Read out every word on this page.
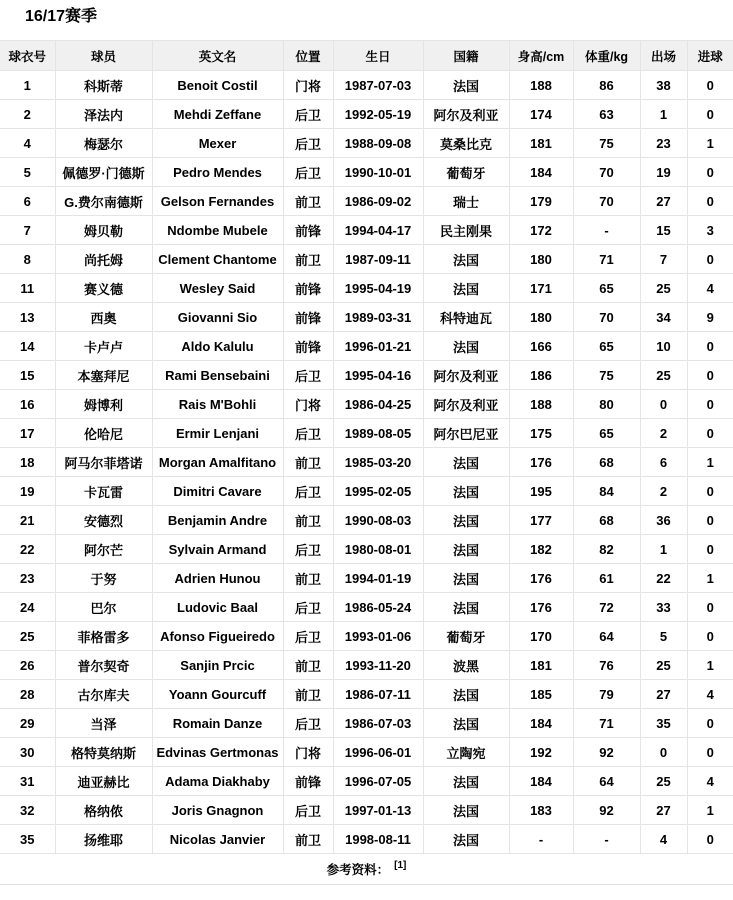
16/17赛季
球衣号	球员	英文名	位置	生日	国籍	身高/cm	体重/kg	出场	进球
1	科斯蒂	Benoit Costil	门将	1987-07-03	法国	188	86	38	0
2	泽法内	Mehdi Zeffane	后卫	1992-05-19	阿尔及利亚	174	63	1	0
4	梅瑟尔	Mexer	后卫	1988-09-08	莫桑比克	181	75	23	1
5	佩德罗·门德斯	Pedro Mendes	后卫	1990-10-01	葡萄牙	184	70	19	0
6	G.费尔南德斯	Gelson Fernandes	前卫	1986-09-02	瑞士	179	70	27	0
7	姆贝勒	Ndombe Mubele	前锋	1994-04-17	民主刚果	172	-	15	3
8	尚托姆	Clement Chantome	前卫	1987-09-11	法国	180	71	7	0
11	赛义德	Wesley Said	前锋	1995-04-19	法国	171	65	25	4
13	西奥	Giovanni Sio	前锋	1989-03-31	科特迪瓦	180	70	34	9
14	卡卢卢	Aldo Kalulu	前锋	1996-01-21	法国	166	65	10	0
15	本塞拜尼	Rami Bensebaini	后卫	1995-04-16	阿尔及利亚	186	75	25	0
16	姆博利	Rais M'Bohli	门将	1986-04-25	阿尔及利亚	188	80	0	0
17	伦哈尼	Ermir Lenjani	后卫	1989-08-05	阿尔巴尼亚	175	65	2	0
18	阿马尔菲塔诺	Morgan Amalfitano	前卫	1985-03-20	法国	176	68	6	1
19	卡瓦雷	Dimitri Cavare	后卫	1995-02-05	法国	195	84	2	0
21	安德烈	Benjamin Andre	前卫	1990-08-03	法国	177	68	36	0
22	阿尔芒	Sylvain Armand	后卫	1980-08-01	法国	182	82	1	0
23	于努	Adrien Hunou	前卫	1994-01-19	法国	176	61	22	1
24	巴尔	Ludovic Baal	后卫	1986-05-24	法国	176	72	33	0
25	菲格雷多	Afonso Figueiredo	后卫	1993-01-06	葡萄牙	170	64	5	0
26	普尔契奇	Sanjin Prcic	前卫	1993-11-20	波黑	181	76	25	1
28	古尔库夫	Yoann Gourcuff	前卫	1986-07-11	法国	185	79	27	4
29	当泽	Romain Danze	后卫	1986-07-03	法国	184	71	35	0
30	格特莫纳斯	Edvinas Gertmonas	门将	1996-06-01	立陶宛	192	92	0	0
31	迪亚赫比	Adama Diakhaby	前锋	1996-07-05	法国	184	64	25	4
32	格纳侬	Joris Gnagnon	后卫	1997-01-13	法国	183	92	27	1
35	扬维耶	Nicolas Janvier	前卫	1998-08-11	法国	-	-	4	0
参考资料： [1]
